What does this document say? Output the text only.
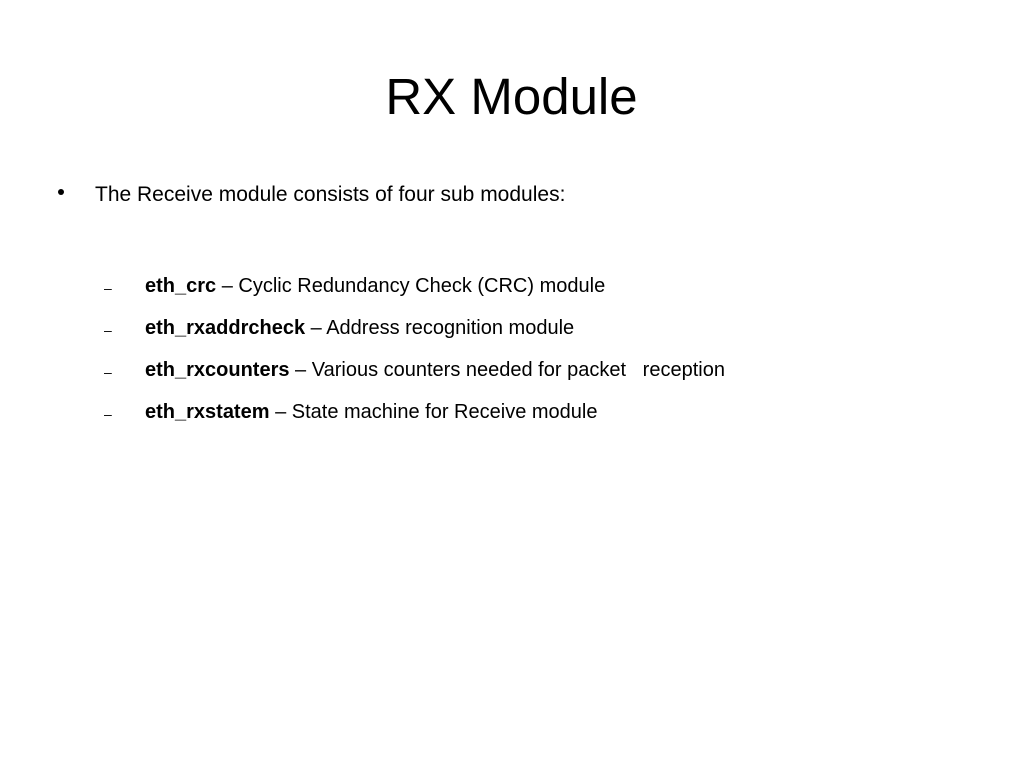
RX Module
The Receive module consists of four sub modules:
– eth_crc – Cyclic Redundancy Check (CRC) module
– eth_rxaddrcheck – Address recognition module
– eth_rxcounters – Various counters needed for packet   reception
– eth_rxstatem – State machine for Receive module
